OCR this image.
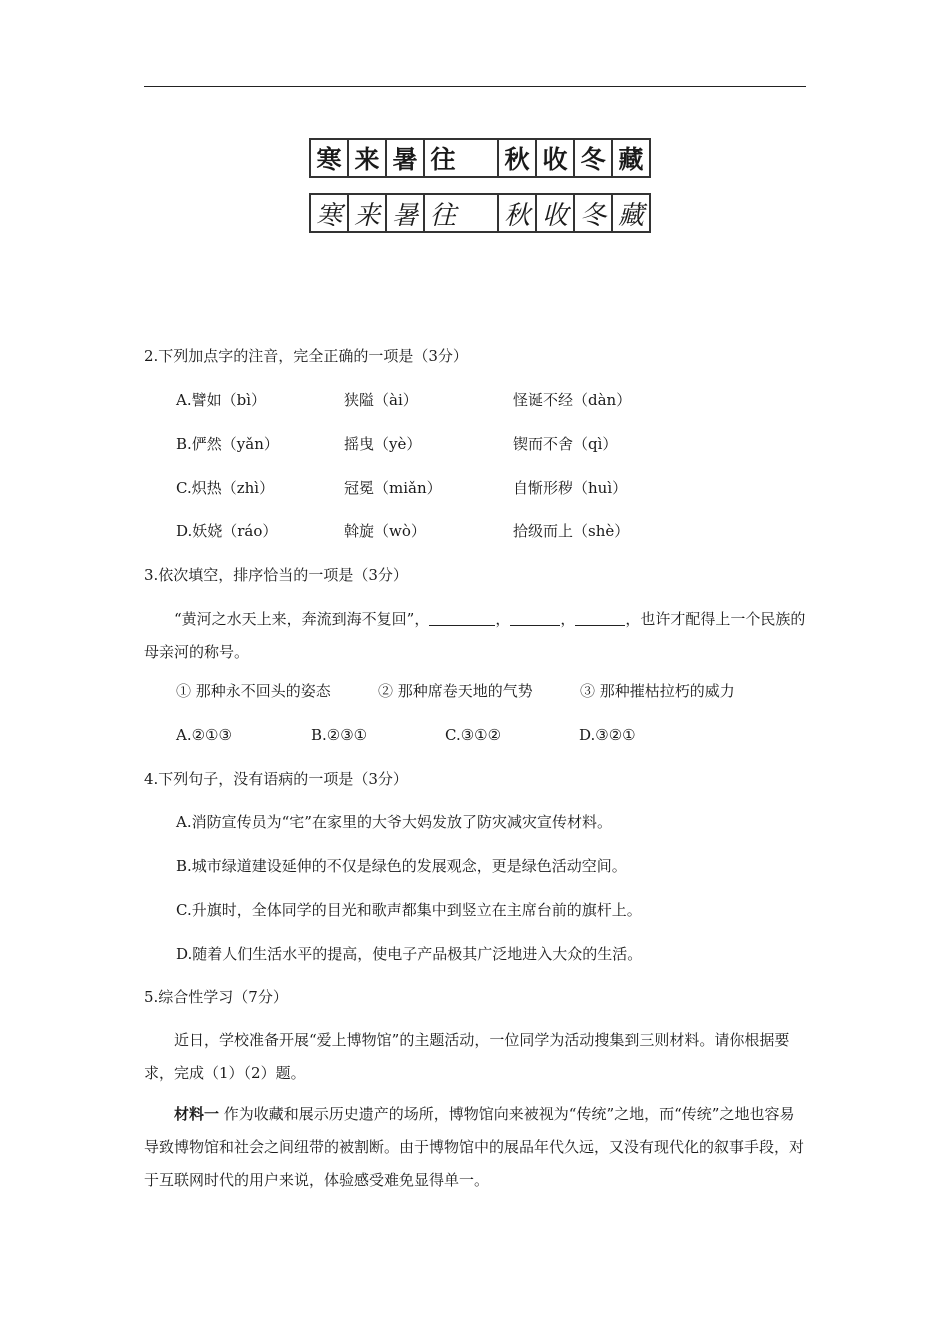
寒 来 暑 往 秋 收 冬 藏
寒 来 暑 往 秋 收 冬 藏
2.下列加点字的注音，完全正确的一项是（3分）
A.譬如（bì）	狭隘（ài）	怪诞不经（dàn）
B.俨然（yǎn）	摇曳（yè）	锲而不舍（qì）
C.炽热（zhì）	冠冕（miǎn）	自惭形秽（huì）
D.妖娆（ráo）	斡旋（wò）	拾级而上（shè）
3.依次填空，排序恰当的一项是（3分）
“黄河之水天上来，奔流到海不复回”，	，	，	，也许才配得上一个民族的母亲河的称号。
① 那种永不回头的姿态	② 那种席卷天地的气势	③ 那种摧枯拉朽的威力
A.②①③	B.②③①	C.③①②	D.③②①
4.下列句子，没有语病的一项是（3分）
A.消防宣传员为“宅”在家里的大爷大妈发放了防灾减灾宣传材料。
B.城市绿道建设延伸的不仅是绿色的发展观念，更是绿色活动空间。
C.升旗时，全体同学的目光和歌声都集中到竖立在主席台前的旗杆上。
D.随着人们生活水平的提高，使电子产品极其广泛地进入大众的生活。
5.综合性学习（7分）
近日，学校准备开展“爱上博物馆”的主题活动，一位同学为活动搜集到三则材料。请你根据要求，完成（1）（2）题。
材料一 作为收藏和展示历史遗产的场所，博物馆向来被视为“传统”之地，而“传统”之地也容易导致博物馆和社会之间纽带的被割断。由于博物馆中的展品年代久远，又没有现代化的叙事手段，对于互联网时代的用户来说，体验感受难免显得单一。
